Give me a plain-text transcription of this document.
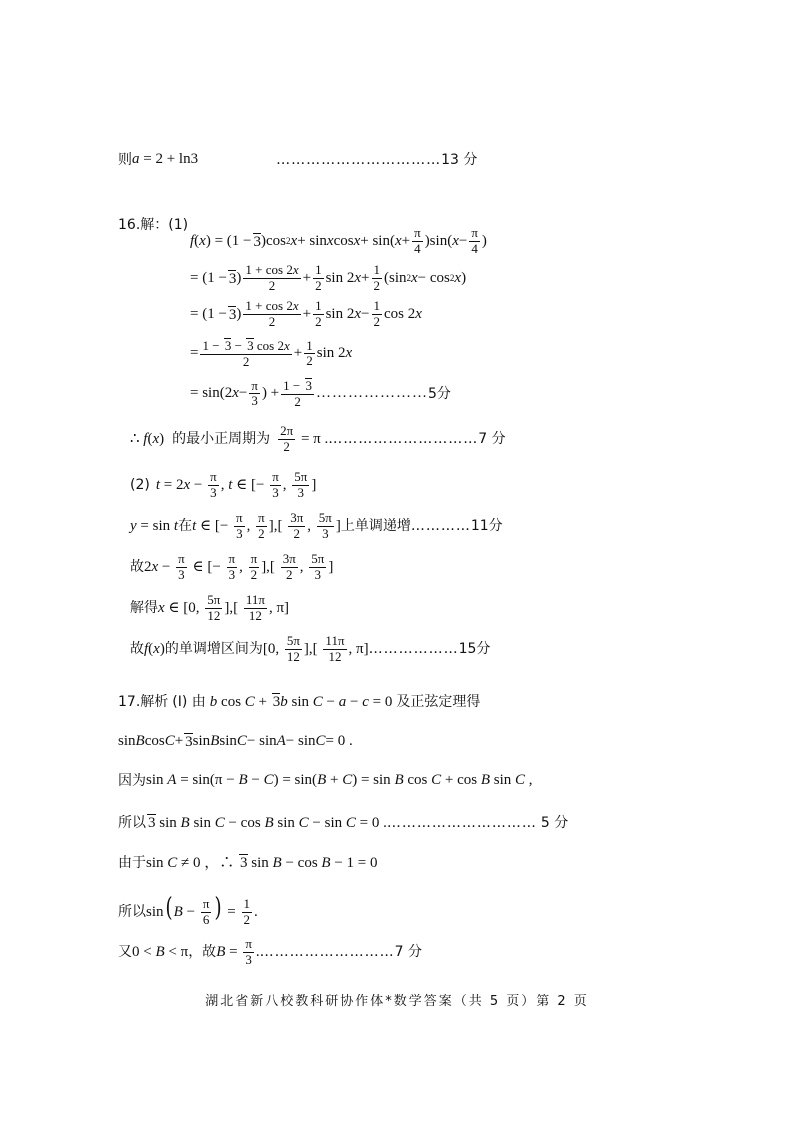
则 a = 2 + ln3	…………………………… 13 分
16.解： (1)
f ( x ) = (1 − 3 )cos 2 x + sin x cos x + sin( $x + \frac{\pi}{4} )\sin$( $x - \frac{\pi}{4}$ )
= (1 − 3 ) $\frac{1 + \cos 2x}{2} + \frac{1}{2}$ sin 2 $x + \frac{1}{2} (\sin$ 2 x − cos 2 x )
= (1 − 3 ) $\frac{1 + \cos 2x}{2} + \frac{1}{2}$ sin 2 $x - \frac{1}{2}$ cos 2 x
= $\frac{1 - 3 - 3 \cos 2x}{2} + \frac{1}{2}$ sin 2 x
= sin(2 $x - \frac{\pi}{3}$ ) + $\frac{1 - 3}{2}$ ………………… 5分
∴ f(x) 的最小正周期为 $\frac{2\pi}{2} = \pi$ . ………………………… 7 分
(2) $t = 2x - \frac{\pi}{3}$ , t ∈ [− $\frac{\pi}{3}$ , $\frac{5\pi}{3}$ ]
y = sin t 在 t ∈ [− $\frac{\pi}{3}$ , $\frac{\pi}{2}$ ],[ $\frac{3\pi}{2}$ , $\frac{5\pi}{3}$ ] 上单调递增 ………… 11分
故 $2x - \frac{\pi}{3}$ ∈ [− $\frac{\pi}{3}$ , $\frac{\pi}{2}$ ],[ $\frac{3\pi}{2}$ , $\frac{5\pi}{3}$ ]
解得 x ∈ [0, $\frac{5\pi}{12}$ ],[ $\frac{11\pi}{12}$ , π]
故 f(x) 的单调增区间为 [0, $\frac{5\pi}{12}$ ],[ $\frac{11\pi}{12}$ , π] ……………… 15分
17.解析 (I) 由 b cos C + 3b sin C − a − c = 0 及正弦定理得
sin B cos C + 3 sin B sin C − sin A − sin C = 0 .
因为 sin A = sin(π − B − C) = sin(B + C) = sin B cos C + cos B sin C ,
所以 3 sin B sin C − cos B sin C − sin C = 0 . ………………………… 5 分
由于 sin C ≠ 0 ，∴ 3 sin B − cos B − 1 = 0
所以 sin( $B - \frac{\pi}{6}$ ) = $\frac{1}{2}$ .
又 0 < B < π ，故 $B = \frac{\pi}{3}$ . ……………………… 7 分
湖北省新八校教科研协作体*数学答案（共 5 页）第 2 页
